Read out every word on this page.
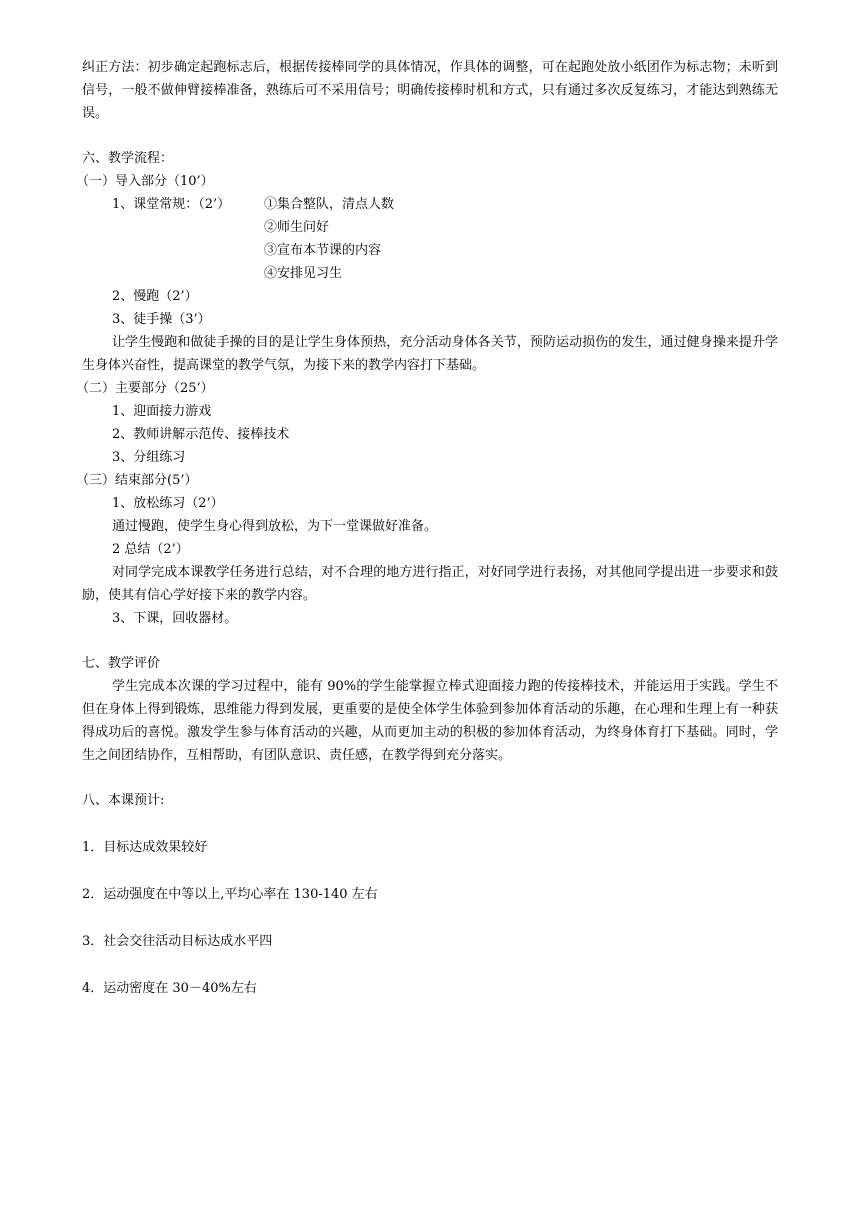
纠正方法：初步确定起跑标志后，根据传接棒同学的具体情况，作具体的调整，可在起跑处放小纸团作为标志物；未听到信号，一般不做伸臂接棒准备，熟练后可不采用信号；明确传接棒时机和方式，只有通过多次反复练习，才能达到熟练无误。
六、教学流程：
（一）导入部分（10’）
1、课堂常规：（2’）	①集合整队，清点人数
②师生问好
③宣布本节课的内容
④安排见习生
2、慢跑（2’）
3、徒手操（3’）
让学生慢跑和做徒手操的目的是让学生身体预热，充分活动身体各关节，预防运动损伤的发生，通过健身操来提升学生身体兴奋性，提高课堂的教学气氛，为接下来的教学内容打下基础。
（二）主要部分（25’）
1、迎面接力游戏
2、教师讲解示范传、接棒技术
3、分组练习
（三）结束部分(5’）
1、放松练习（2’）
通过慢跑，使学生身心得到放松，为下一堂课做好准备。
2 总结（2’）
对同学完成本课教学任务进行总结，对不合理的地方进行指正，对好同学进行表扬，对其他同学提出进一步要求和鼓励，使其有信心学好接下来的教学内容。
3、下课，回收器材。
七、教学评价
学生完成本次课的学习过程中，能有 90%的学生能掌握立棒式迎面接力跑的传接棒技术，并能运用于实践。学生不但在身体上得到锻炼，思维能力得到发展，更重要的是使全体学生体验到参加体育活动的乐趣，在心理和生理上有一种获得成功后的喜悦。激发学生参与体育活动的兴趣，从而更加主动的积极的参加体育活动，为终身体育打下基础。同时，学生之间团结协作，互相帮助，有团队意识、责任感，在教学得到充分落实。
八、本课预计:
1．目标达成效果较好
2．运动强度在中等以上,平均心率在 130-140 左右
3．社会交往活动目标达成水平四
4．运动密度在 30－40%左右
